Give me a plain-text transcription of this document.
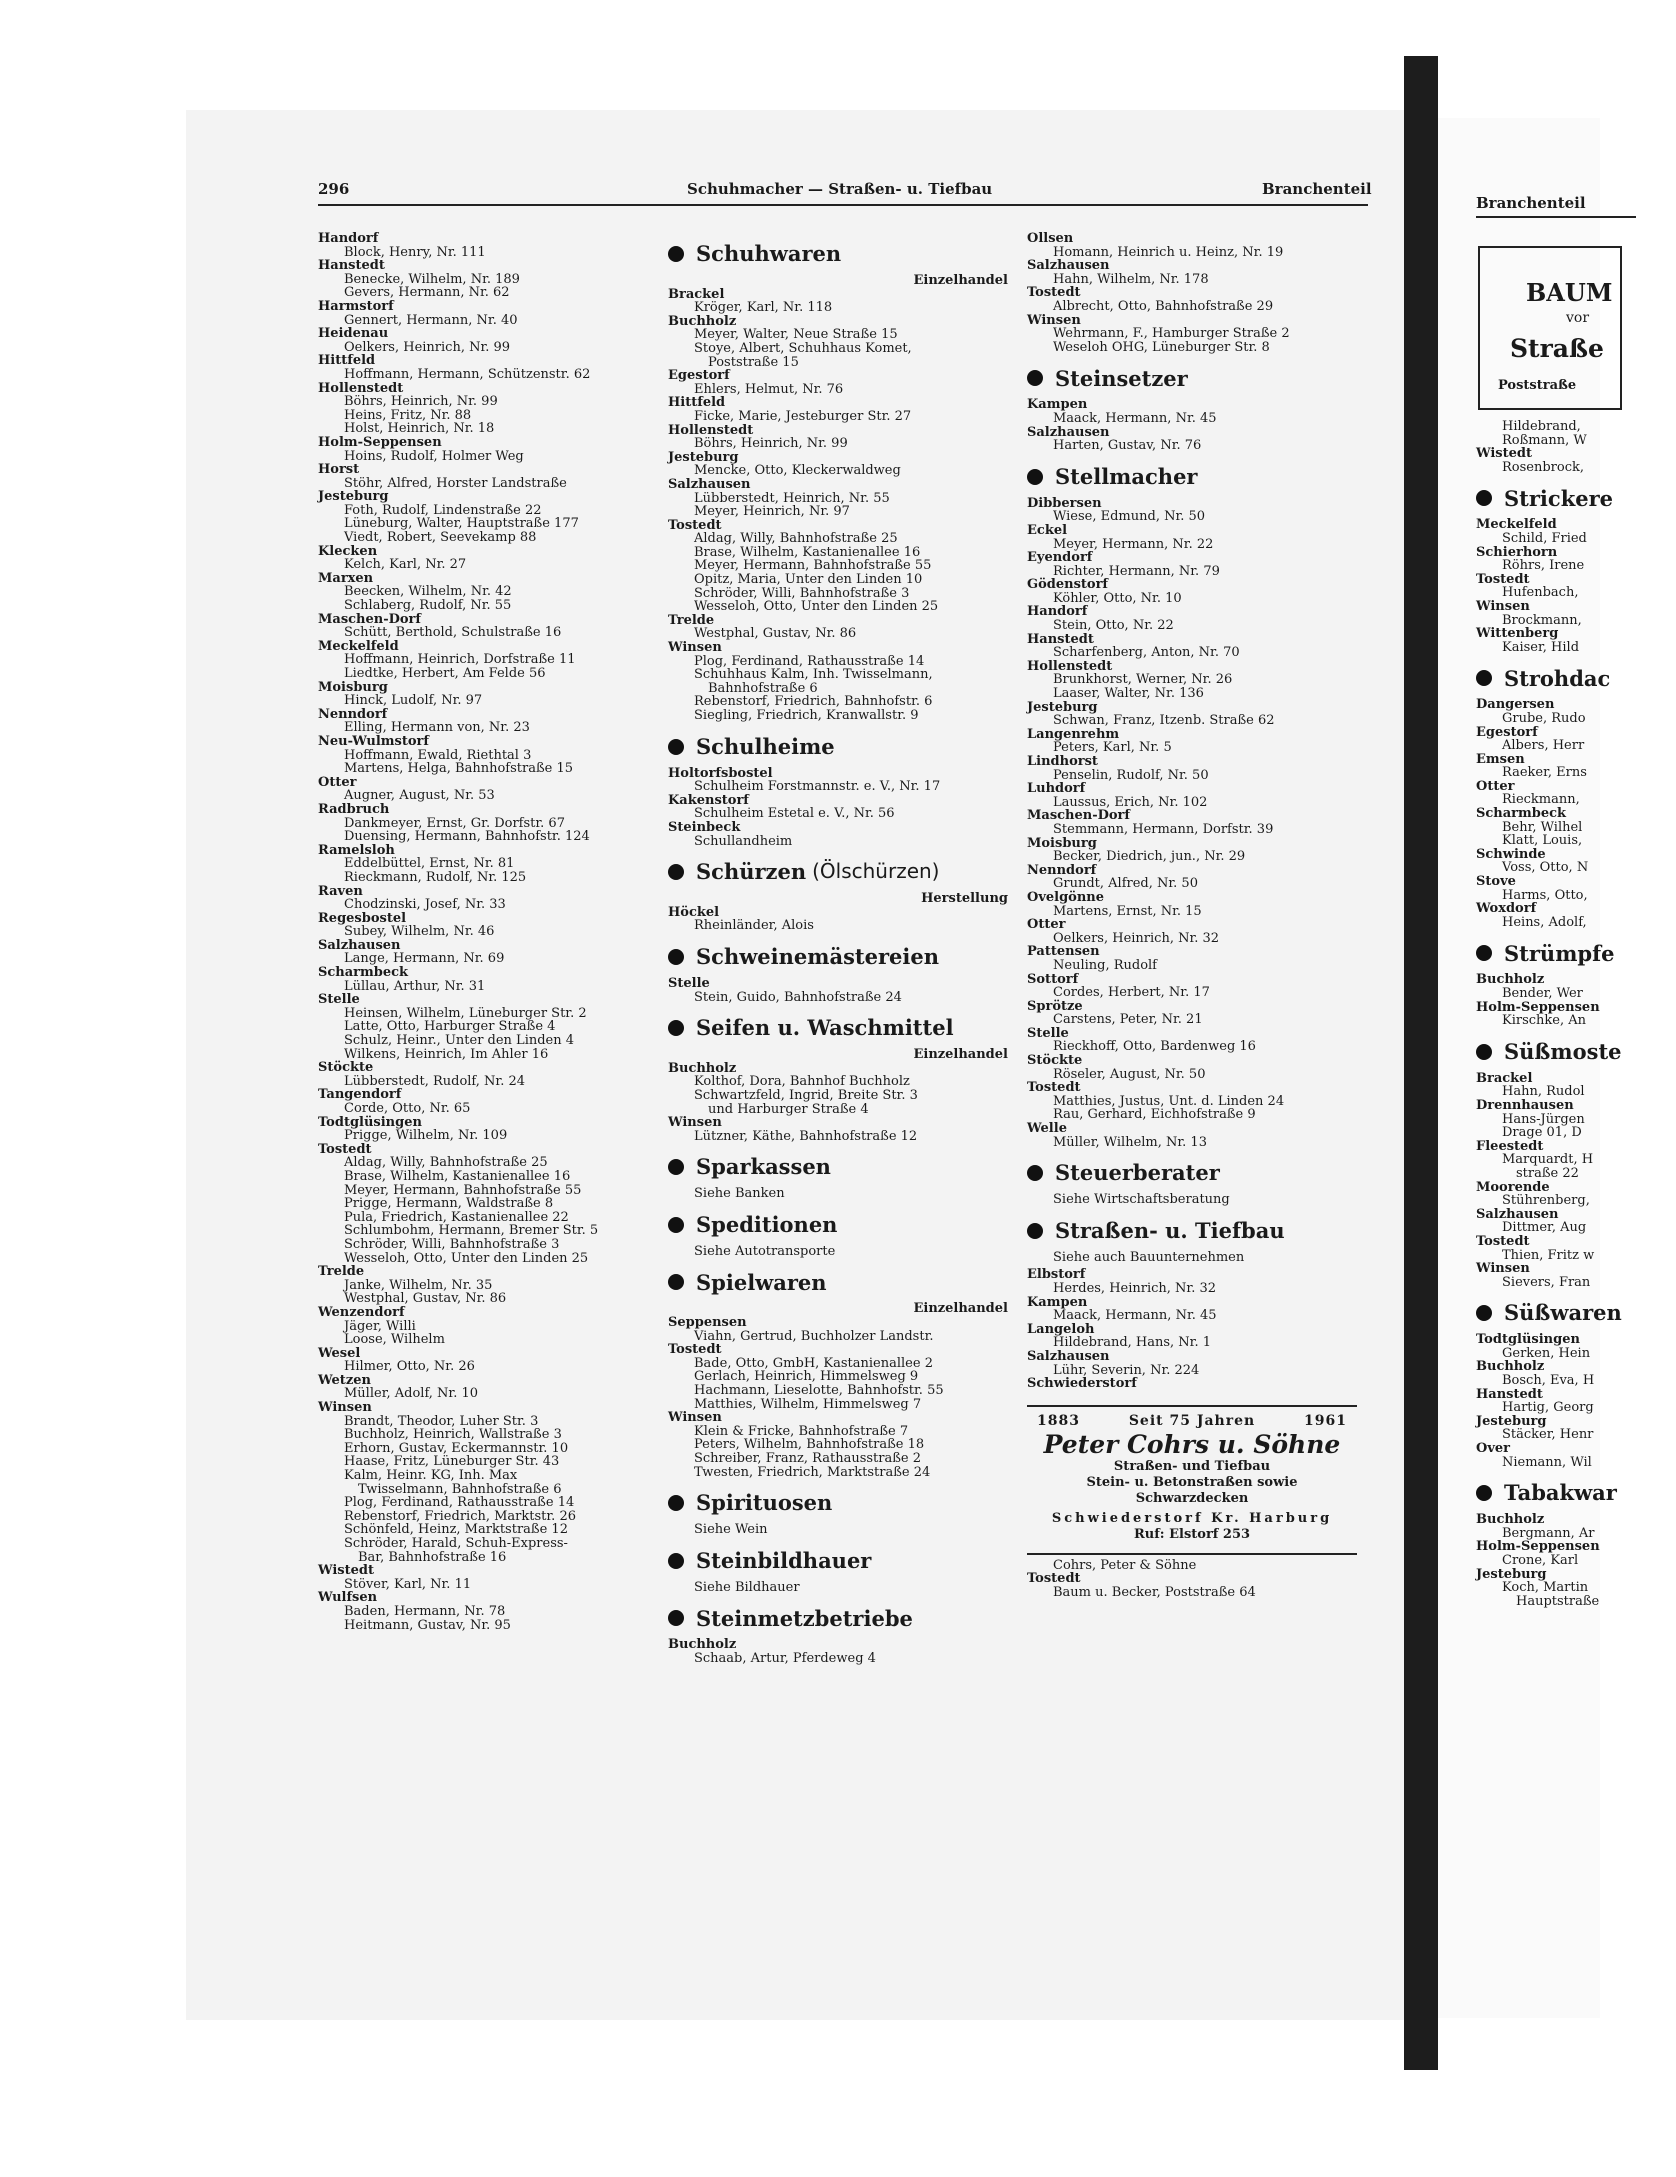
Branchenteil
BAUM
vor
Straße
Poststraße
Hildebrand,
Roßmann, W
Wistedt
Rosenbrock,
Strickere
Meckelfeld
Schild, Fried
Schierhorn
Röhrs, Irene
Tostedt
Hufenbach,
Winsen
Brockmann,
Wittenberg
Kaiser, Hild
Strohdac
Dangersen
Grube, Rudo
Egestorf
Albers, Herr
Emsen
Raeker, Erns
Otter
Rieckmann,
Scharmbeck
Behr, Wilhel
Klatt, Louis,
Schwinde
Voss, Otto, N
Stove
Harms, Otto,
Woxdorf
Heins, Adolf,
Strümpfe
Buchholz
Bender, Wer
Holm-Seppensen
Kirschke, An
Süßmoste
Brackel
Hahn, Rudol
Drennhausen
Hans-Jürgen
Drage 01, D
Fleestedt
Marquardt, H
straße 22
Moorende
Stührenberg,
Salzhausen
Dittmer, Aug
Tostedt
Thien, Fritz w
Winsen
Sievers, Fran
Süßwaren
Todtglüsingen
Gerken, Hein
Buchholz
Bosch, Eva, H
Hanstedt
Hartig, Georg
Jesteburg
Stäcker, Henr
Over
Niemann, Wil
Tabakwar
Buchholz
Bergmann, Ar
Holm-Seppensen
Crone, Karl
Jesteburg
Koch, Martin
Hauptstraße
296	Schuhmacher — Straßen- u. Tiefbau	Branchenteil
Handorf
Block, Henry, Nr. 111
Hanstedt
Benecke, Wilhelm, Nr. 189
Gevers, Hermann, Nr. 62
Harmstorf
Gennert, Hermann, Nr. 40
Heidenau
Oelkers, Heinrich, Nr. 99
Hittfeld
Hoffmann, Hermann, Schützenstr. 62
Hollenstedt
Böhrs, Heinrich, Nr. 99
Heins, Fritz, Nr. 88
Holst, Heinrich, Nr. 18
Holm-Seppensen
Hoins, Rudolf, Holmer Weg
Horst
Stöhr, Alfred, Horster Landstraße
Jesteburg
Foth, Rudolf, Lindenstraße 22
Lüneburg, Walter, Hauptstraße 177
Viedt, Robert, Seevekamp 88
Klecken
Kelch, Karl, Nr. 27
Marxen
Beecken, Wilhelm, Nr. 42
Schlaberg, Rudolf, Nr. 55
Maschen-Dorf
Schütt, Berthold, Schulstraße 16
Meckelfeld
Hoffmann, Heinrich, Dorfstraße 11
Liedtke, Herbert, Am Felde 56
Moisburg
Hinck, Ludolf, Nr. 97
Nenndorf
Elling, Hermann von, Nr. 23
Neu-Wulmstorf
Hoffmann, Ewald, Riethtal 3
Martens, Helga, Bahnhofstraße 15
Otter
Augner, August, Nr. 53
Radbruch
Dankmeyer, Ernst, Gr. Dorfstr. 67
Duensing, Hermann, Bahnhofstr. 124
Ramelsloh
Eddelbüttel, Ernst, Nr. 81
Rieckmann, Rudolf, Nr. 125
Raven
Chodzinski, Josef, Nr. 33
Regesbostel
Subey, Wilhelm, Nr. 46
Salzhausen
Lange, Hermann, Nr. 69
Scharmbeck
Lüllau, Arthur, Nr. 31
Stelle
Heinsen, Wilhelm, Lüneburger Str. 2
Latte, Otto, Harburger Straße 4
Schulz, Heinr., Unter den Linden 4
Wilkens, Heinrich, Im Ahler 16
Stöckte
Lübberstedt, Rudolf, Nr. 24
Tangendorf
Corde, Otto, Nr. 65
Todtglüsingen
Prigge, Wilhelm, Nr. 109
Tostedt
Aldag, Willy, Bahnhofstraße 25
Brase, Wilhelm, Kastanienallee 16
Meyer, Hermann, Bahnhofstraße 55
Prigge, Hermann, Waldstraße 8
Pula, Friedrich, Kastanienallee 22
Schlumbohm, Hermann, Bremer Str. 5
Schröder, Willi, Bahnhofstraße 3
Wesseloh, Otto, Unter den Linden 25
Trelde
Janke, Wilhelm, Nr. 35
Westphal, Gustav, Nr. 86
Wenzendorf
Jäger, Willi
Loose, Wilhelm
Wesel
Hilmer, Otto, Nr. 26
Wetzen
Müller, Adolf, Nr. 10
Winsen
Brandt, Theodor, Luher Str. 3
Buchholz, Heinrich, Wallstraße 3
Erhorn, Gustav, Eckermannstr. 10
Haase, Fritz, Lüneburger Str. 43
Kalm, Heinr. KG, Inh. Max
Twisselmann, Bahnhofstraße 6
Plog, Ferdinand, Rathausstraße 14
Rebenstorf, Friedrich, Marktstr. 26
Schönfeld, Heinz, Marktstraße 12
Schröder, Harald, Schuh-Express-
Bar, Bahnhofstraße 16
Wistedt
Stöver, Karl, Nr. 11
Wulfsen
Baden, Hermann, Nr. 78
Heitmann, Gustav, Nr. 95
Schuhwaren
Einzelhandel
Brackel
Kröger, Karl, Nr. 118
Buchholz
Meyer, Walter, Neue Straße 15
Stoye, Albert, Schuhhaus Komet,
Poststraße 15
Egestorf
Ehlers, Helmut, Nr. 76
Hittfeld
Ficke, Marie, Jesteburger Str. 27
Hollenstedt
Böhrs, Heinrich, Nr. 99
Jesteburg
Mencke, Otto, Kleckerwaldweg
Salzhausen
Lübberstedt, Heinrich, Nr. 55
Meyer, Heinrich, Nr. 97
Tostedt
Aldag, Willy, Bahnhofstraße 25
Brase, Wilhelm, Kastanienallee 16
Meyer, Hermann, Bahnhofstraße 55
Opitz, Maria, Unter den Linden 10
Schröder, Willi, Bahnhofstraße 3
Wesseloh, Otto, Unter den Linden 25
Trelde
Westphal, Gustav, Nr. 86
Winsen
Plog, Ferdinand, Rathausstraße 14
Schuhhaus Kalm, Inh. Twisselmann,
Bahnhofstraße 6
Rebenstorf, Friedrich, Bahnhofstr. 6
Siegling, Friedrich, Kranwallstr. 9
Schulheime
Holtorfsbostel
Schulheim Forstmannstr. e. V., Nr. 17
Kakenstorf
Schulheim Estetal e. V., Nr. 56
Steinbeck
Schullandheim
Schürzen (Ölschürzen)
Herstellung
Höckel
Rheinländer, Alois
Schweinemästereien
Stelle
Stein, Guido, Bahnhofstraße 24
Seifen u. Waschmittel
Einzelhandel
Buchholz
Kolthof, Dora, Bahnhof Buchholz
Schwartzfeld, Ingrid, Breite Str. 3
und Harburger Straße 4
Winsen
Lützner, Käthe, Bahnhofstraße 12
Sparkassen
Siehe Banken
Speditionen
Siehe Autotransporte
Spielwaren
Einzelhandel
Seppensen
Viahn, Gertrud, Buchholzer Landstr.
Tostedt
Bade, Otto, GmbH, Kastanienallee 2
Gerlach, Heinrich, Himmelsweg 9
Hachmann, Lieselotte, Bahnhofstr. 55
Matthies, Wilhelm, Himmelsweg 7
Winsen
Klein & Fricke, Bahnhofstraße 7
Peters, Wilhelm, Bahnhofstraße 18
Schreiber, Franz, Rathausstraße 2
Twesten, Friedrich, Marktstraße 24
Spirituosen
Siehe Wein
Steinbildhauer
Siehe Bildhauer
Steinmetzbetriebe
Buchholz
Schaab, Artur, Pferdeweg 4
Ollsen
Homann, Heinrich u. Heinz, Nr. 19
Salzhausen
Hahn, Wilhelm, Nr. 178
Tostedt
Albrecht, Otto, Bahnhofstraße 29
Winsen
Wehrmann, F., Hamburger Straße 2
Weseloh OHG, Lüneburger Str. 8
Steinsetzer
Kampen
Maack, Hermann, Nr. 45
Salzhausen
Harten, Gustav, Nr. 76
Stellmacher
Dibbersen
Wiese, Edmund, Nr. 50
Eckel
Meyer, Hermann, Nr. 22
Eyendorf
Richter, Hermann, Nr. 79
Gödenstorf
Köhler, Otto, Nr. 10
Handorf
Stein, Otto, Nr. 22
Hanstedt
Scharfenberg, Anton, Nr. 70
Hollenstedt
Brunkhorst, Werner, Nr. 26
Laaser, Walter, Nr. 136
Jesteburg
Schwan, Franz, Itzenb. Straße 62
Langenrehm
Peters, Karl, Nr. 5
Lindhorst
Penselin, Rudolf, Nr. 50
Luhdorf
Laussus, Erich, Nr. 102
Maschen-Dorf
Stemmann, Hermann, Dorfstr. 39
Moisburg
Becker, Diedrich, jun., Nr. 29
Nenndorf
Grundt, Alfred, Nr. 50
Ovelgönne
Martens, Ernst, Nr. 15
Otter
Oelkers, Heinrich, Nr. 32
Pattensen
Neuling, Rudolf
Sottorf
Cordes, Herbert, Nr. 17
Sprötze
Carstens, Peter, Nr. 21
Stelle
Rieckhoff, Otto, Bardenweg 16
Stöckte
Röseler, August, Nr. 50
Tostedt
Matthies, Justus, Unt. d. Linden 24
Rau, Gerhard, Eichhofstraße 9
Welle
Müller, Wilhelm, Nr. 13
Steuerberater
Siehe Wirtschaftsberatung
Straßen- u. Tiefbau
Siehe auch Bauunternehmen
Elbstorf
Herdes, Heinrich, Nr. 32
Kampen
Maack, Hermann, Nr. 45
Langeloh
Hildebrand, Hans, Nr. 1
Salzhausen
Lühr, Severin, Nr. 224
Schwiederstorf
1883	Seit 75 Jahren	1961
Peter Cohrs u. Söhne
Straßen- und Tiefbau
Stein- u. Betonstraßen sowie
Schwarzdecken
Schwiederstorf Kr. Harburg
Ruf: Elstorf 253
Cohrs, Peter & Söhne
Tostedt
Baum u. Becker, Poststraße 64
